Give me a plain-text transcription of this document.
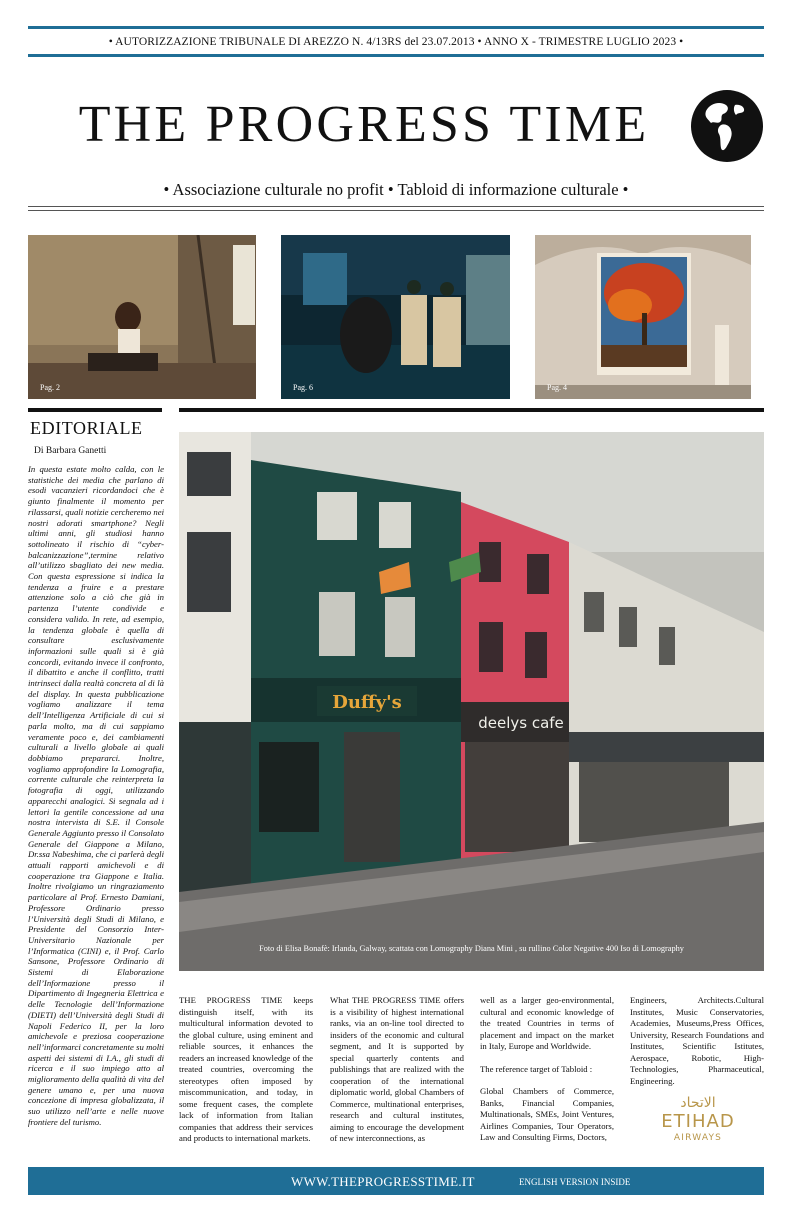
• AUTORIZZAZIONE TRIBUNALE DI AREZZO N. 4/13RS del 23.07.2013 • ANNO X - TRIMESTRE LUGLIO 2023 •
THE PROGRESS TIME
• Associazione culturale no profit • Tabloid di informazione culturale •
Pag. 2	Pag. 6	Pag. 4
EDITORIALE
Di Barbara Ganetti
In questa estate molto calda, con le statistiche dei media che parlano di esodi vacanzieri ricordandoci che è giunto finalmente il momento per rilassarsi, quali notizie cercheremo nei nostri adorati smartphone? Negli ultimi anni, gli studiosi hanno sottolineato il rischio di “cyber-balcanizzazione”,termine relativo all’utilizzo sbagliato dei new media. Con questa espressione si indica la tendenza a fruire e a prestare attenzione solo a ciò che già in partenza l’utente condivide e considera valido. In rete, ad esempio, la tendenza globale è quella di consultare esclusivamente informazioni sulle quali si è già concordi, evitando invece il confronto, il dibattito e anche il conflitto, tratti intrinseci dalla realtà concreta al di là del display. In questa pubblicazione vogliamo analizzare il tema dell’Intelligenza Artificiale di cui si parla molto, ma di cui sappiamo veramente poco e, dei cambiamenti culturali a livello globale ai quali dobbiamo prepararci. Inoltre, vogliamo approfondire la Lomografia, corrente culturale che reinterpreta la fotografia di oggi, utilizzando apparecchi analogici. Si segnala ad i lettori la gentile concessione ad una nostra intervista di S.E. il Console Generale Aggiunto presso il Consolato Generale del Giappone a Milano, Dr.ssa Nabeshima, che ci parlerà degli attuali rapporti amichevoli e di cooperazione tra Giappone e Italia. Inoltre rivolgiamo un ringraziamento particolare al Prof. Ernesto Damiani, Professore Ordinario presso l’Università degli Studi di Milano, e Presidente del Consorzio Inter-Universitario Nazionale per l’Informatica (CINI) e, il Prof. Carlo Sansone, Professore Ordinario di Sistemi di Elaborazione dell’Informazione presso il Dipartimento di Ingegneria Elettrica e delle Tecnologie dell’Informazione (DIETI) dell’Università degli Studi di Napoli Federico II, per la loro amichevole e preziosa cooperazione nell’informarci concretamente su molti aspetti dei sistemi di I.A., gli studi di ricerca e il suo impiego atto al miglioramento della qualità di vita del genere umano e, per una nuova concezione di impresa globalizzata, il suo utilizzo nell’arte e nelle nuove frontiere del turismo.
Duffy's
deelys cafe
Foto di Elisa Bonafè: Irlanda, Galway, scattata con Lomography Diana Mini , su rullino Color Negative 400 Iso di Lomography

THE PROGRESS TIME keeps distinguish itself, with its multicultural information devoted to the global culture, using eminent and reliable sources, it enhances the readers an increased knowledge of the treated countries, overcoming the stereotypes often imposed by miscommunication, and today, in some frequent cases, the complete lack of information from Italian companies that address their services and products to international markets.

What THE PROGRESS TIME offers is a visibility of highest international ranks, via an on-line tool directed to insiders of the economic and cultural segment, and It is supported by special quarterly contents and publishings that are realized with the cooperation of the international diplomatic world, global Chambers of Commerce, multinational enterprises, research and cultural institutes, aiming to encourage the development of new interconnections, as

well as a larger geo-environmental, cultural and economic knowledge of the treated Countries in terms of placement and impact on the market in Italy, Europe and Worldwide.

The reference target of Tabloid :

Global Chambers of Commerce, Banks, Financial Companies, Multinationals, SMEs, Joint Ventures, Airlines Companies, Tour Operators, Law and Consulting Firms, Doctors,

Engineers, Architects.Cultural Institutes, Music Conservatories, Academies, Museums,Press Offices, University, Research Foundations and Institutes, Scientific Istitutes, Aerospace, Robotic, High-Technologies, Pharmaceutical, Engineering.

الاتحاد
ETIHAD
AIRWAYS
WWW.THEPROGRESSTIME.IT	ENGLISH VERSION INSIDE
